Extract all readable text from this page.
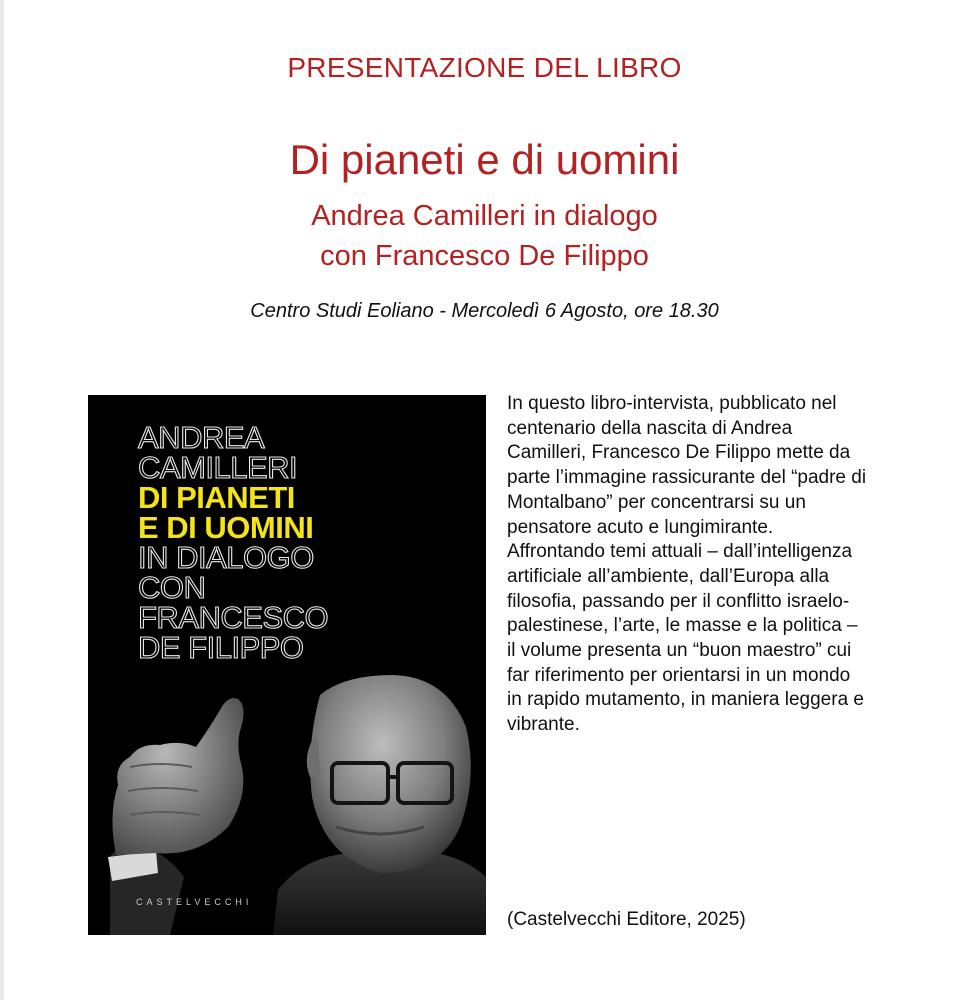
PRESENTAZIONE DEL LIBRO
Di pianeti e di uomini
Andrea Camilleri in dialogo
con Francesco De Filippo
Centro Studi Eoliano - Mercoledì 6 Agosto, ore 18.30
ANDREA
CAMILLERI
DI PIANETI
E DI UOMINI
IN DIALOGO
CON
FRANCESCO
DE FILIPPO
CASTELVECCHI

In questo libro-intervista, pubblicato nel centenario della nascita di Andrea Camilleri, Francesco De Filippo mette da parte l’immagine rassicurante del “padre di Montalbano” per concentrarsi su un pensatore acuto e lungimirante. Affrontando temi attuali – dall’intelligenza artificiale all’ambiente, dall’Europa alla filosofia, passando per il conflitto israelo-palestinese, l’arte, le masse e la politica – il volume presenta un “buon maestro” cui far riferimento per orientarsi in un mondo in rapido mutamento, in maniera leggera e vibrante.

(Castelvecchi Editore, 2025)
